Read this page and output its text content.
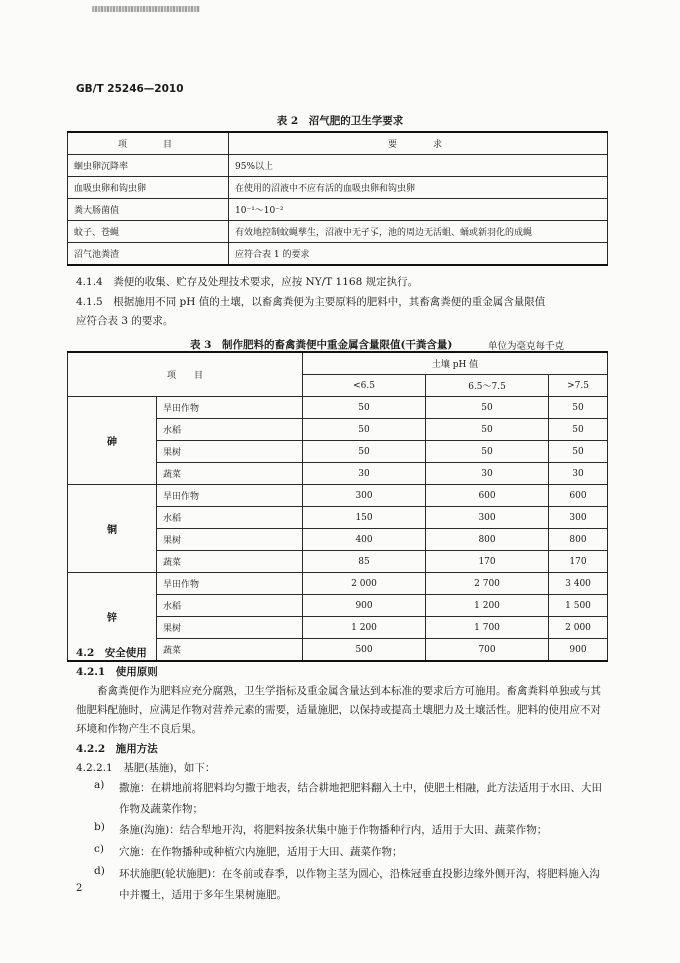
GB/T 25246—2010
表 2　沼气肥的卫生学要求
项　　目	要　　求
蛔虫卵沉降率	95%以上
血吸虫卵和钩虫卵	在使用的沼液中不应有活的血吸虫卵和钩虫卵
粪大肠菌值	10⁻¹～10⁻²
蚊子、苍蝇	有效地控制蚊蝇孳生，沼液中无孑孓，池的周边无活蛆、蛹或新羽化的成蝇
沼气池粪渣	应符合表 1 的要求
4.1.4　粪便的收集、贮存及处理技术要求，应按 NY/T 1168 规定执行。
4.1.5　根据施用不同 pH 值的土壤，以畜禽粪便为主要原料的肥料中，其畜禽粪便的重金属含量限值
应符合表 3 的要求。
表 3　制作肥料的畜禽粪便中重金属含量限值(干粪含量)	单位为毫克每千克
项　　目		土壤 pH 值		
		<6.5	6.5～7.5	>7.5
砷	旱田作物	50	50	50
	水稻	50	50	50
	果树	50	50	50
	蔬菜	30	30	30
铜	旱田作物	300	600	600
	水稻	150	300	300
	果树	400	800	800
	蔬菜	85	170	170
锌	旱田作物	2 000	2 700	3 400
	水稻	900	1 200	1 500
	果树	1 200	1 700	2 000
	蔬菜	500	700	900
4.2　安全使用
4.2.1　使用原则
畜禽粪便作为肥料应充分腐熟，卫生学指标及重金属含量达到本标准的要求后方可施用。畜禽粪料单独或与其他肥料配施时，应满足作物对营养元素的需要，适量施肥，以保持或提高土壤肥力及土壤活性。肥料的使用应不对环境和作物产生不良后果。
4.2.2　施用方法
4.2.2.1　基肥(基施)，如下：
a) 撒施：在耕地前将肥料均匀撒于地表，结合耕地把肥料翻入土中，使肥土相融，此方法适用于水田、大田作物及蔬菜作物；
b) 条施(沟施)：结合犁地开沟，将肥料按条状集中施于作物播种行内，适用于大田、蔬菜作物；
c) 穴施：在作物播种或种植穴内施肥，适用于大田、蔬菜作物；
d) 环状施肥(轮状施肥)：在冬前或春季，以作物主茎为圆心，沿株冠垂直投影边缘外侧开沟，将肥料施入沟中并覆土，适用于多年生果树施肥。
2
